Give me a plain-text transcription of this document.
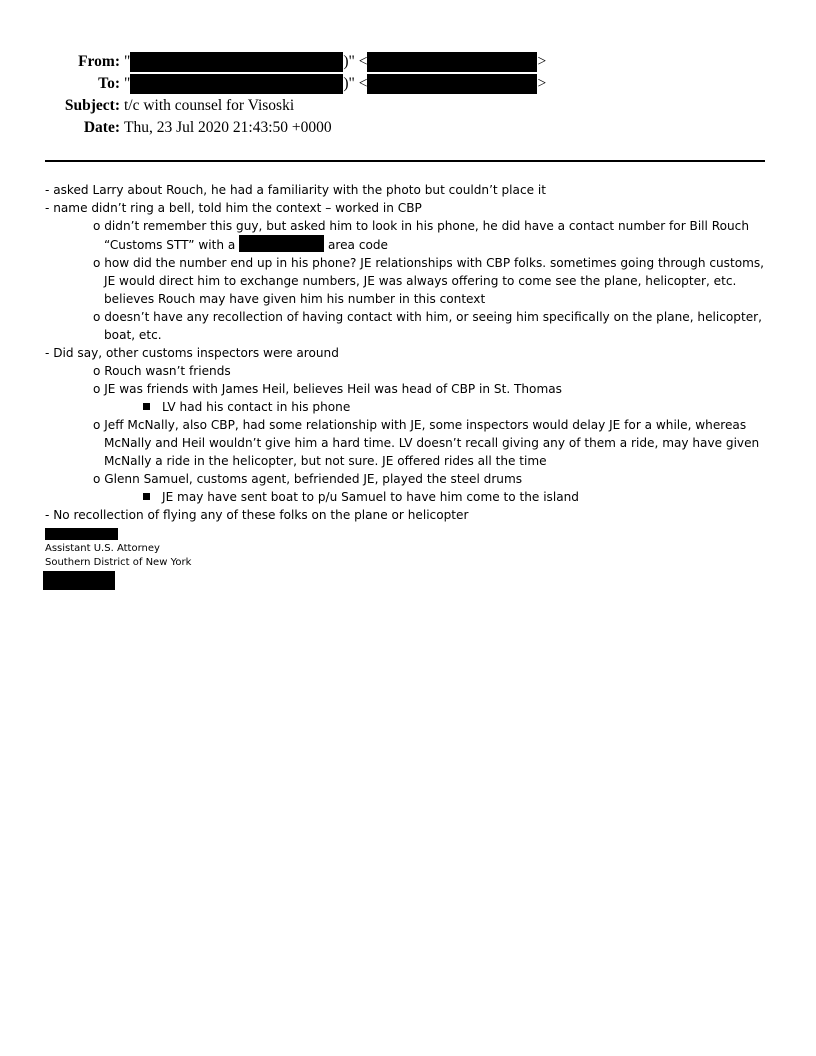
From: "	)" <	>
To: "	)" <	>
Subject: t/c with counsel for Visoski
Date: Thu, 23 Jul 2020 21:43:50 +0000

- asked Larry about Rouch, he had a familiarity with the photo but couldn’t place it

- name didn’t ring a bell, told him the context – worked in CBP

o didn’t remember this guy, but asked him to look in his phone, he did have a contact number for Bill Rouch “Customs STT” with a	area code

o how did the number end up in his phone? JE relationships with CBP folks. sometimes going through customs, JE would direct him to exchange numbers, JE was always offering to come see the plane, helicopter, etc. believes Rouch may have given him his number in this context

o doesn’t have any recollection of having contact with him, or seeing him specifically on the plane, helicopter, boat, etc.

- Did say, other customs inspectors were around

o Rouch wasn’t friends

o JE was friends with James Heil, believes Heil was head of CBP in St. Thomas

LV had his contact in his phone

o Jeff McNally, also CBP, had some relationship with JE, some inspectors would delay JE for a while, whereas McNally and Heil wouldn’t give him a hard time. LV doesn’t recall giving any of them a ride, may have given McNally a ride in the helicopter, but not sure. JE offered rides all the time

o Glenn Samuel, customs agent, befriended JE, played the steel drums

JE may have sent boat to p/u Samuel to have him come to the island

- No recollection of flying any of these folks on the plane or helicopter

Assistant U.S. Attorney
Southern District of New York
